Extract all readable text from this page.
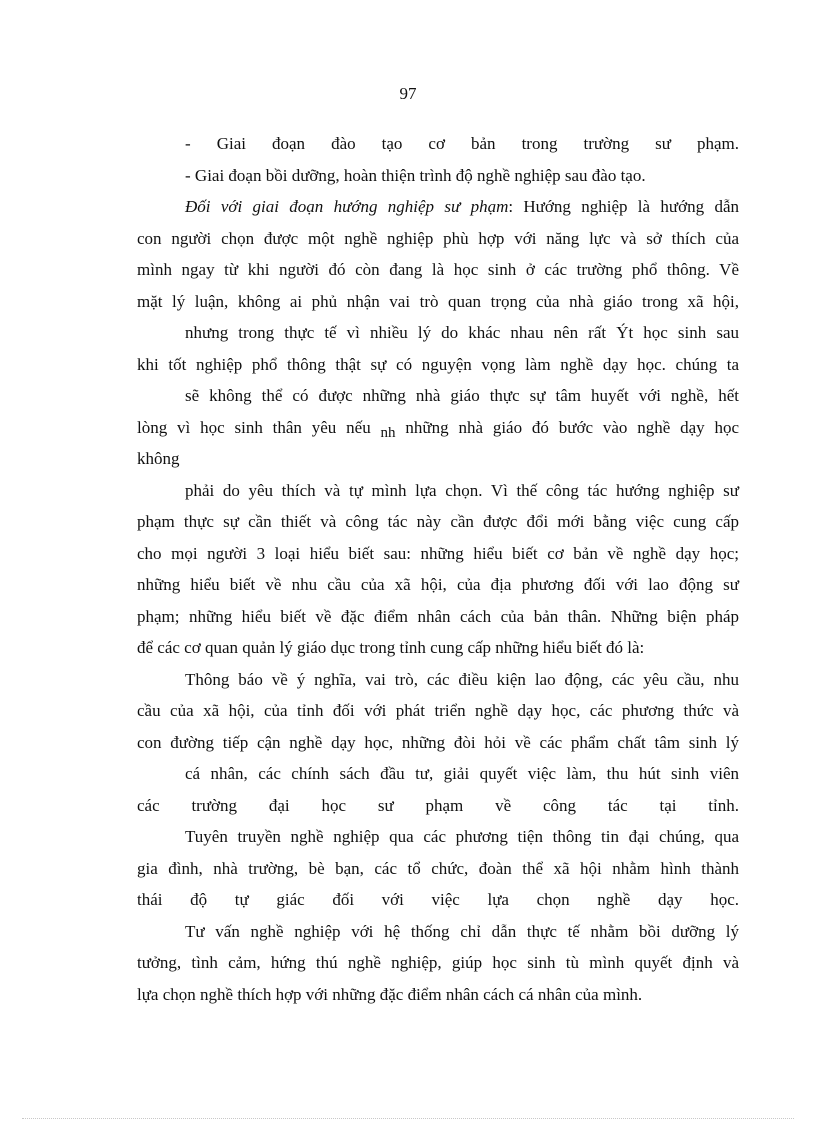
97
- Giai đoạn đào tạo cơ bản trong trường sư phạm.
- Giai đoạn bồi dưỡng, hoàn thiện trình độ nghề nghiệp sau đào tạo.
Đối với giai đoạn hướng nghiệp sư phạm: Hướng nghiệp là hướng dẫn
con người chọn được một nghề nghiệp phù hợp với năng lực và sở thích của
mình ngay từ khi người đó còn đang là học sinh ở các trường phổ thông. Về
mặt lý luận, không ai phủ nhận vai trò quan trọng của nhà giáo trong xã hội,
nhưng trong thực tế vì nhiều lý do khác nhau nên rất Ýt học sinh sau
khi tốt nghiệp phổ thông thật sự có nguyện vọng làm nghề dạy học. chúng ta
sẽ không thể có được những nhà giáo thực sự tâm huyết với nghề, hết
lòng vì học sinh thân yêu nếu nh những nhà giáo đó bước vào nghề dạy học
không
phải do yêu thích và tự mình lựa chọn. Vì thế công tác hướng nghiệp sư
phạm thực sự cần thiết và công tác này cần được đổi mới bằng việc cung cấp
cho mọi người 3 loại hiểu biết sau: những hiểu biết cơ bản về nghề dạy học;
những hiểu biết về nhu cầu của xã hội, của địa phương đối với lao động sư
phạm; những hiểu biết về đặc điểm nhân cách của bản thân. Những biện pháp
để các cơ quan quản lý giáo dục trong tỉnh cung cấp những hiểu biết đó là:
Thông báo về ý nghĩa, vai trò, các điều kiện lao động, các yêu cầu, nhu
cầu của xã hội, của tỉnh đối với phát triển nghề dạy học, các phương thức và
con đường tiếp cận nghề dạy học, những đòi hỏi về các phẩm chất tâm sinh lý
cá nhân, các chính sách đầu tư, giải quyết việc làm, thu hút sinh viên
các trường đại học sư phạm về công tác tại tỉnh.
Tuyên truyền nghề nghiệp qua các phương tiện thông tin đại chúng, qua
gia đình, nhà trường, bè bạn, các tổ chức, đoàn thể xã hội nhằm hình thành
thái độ tự giác đối với việc lựa chọn nghề dạy học.
Tư vấn nghề nghiệp với hệ thống chỉ dẫn thực tế nhằm bồi dưỡng lý
tưởng, tình cảm, hứng thú nghề nghiệp, giúp học sinh tù mình quyết định và
lựa chọn nghề thích hợp với những đặc điểm nhân cách cá nhân của mình.
